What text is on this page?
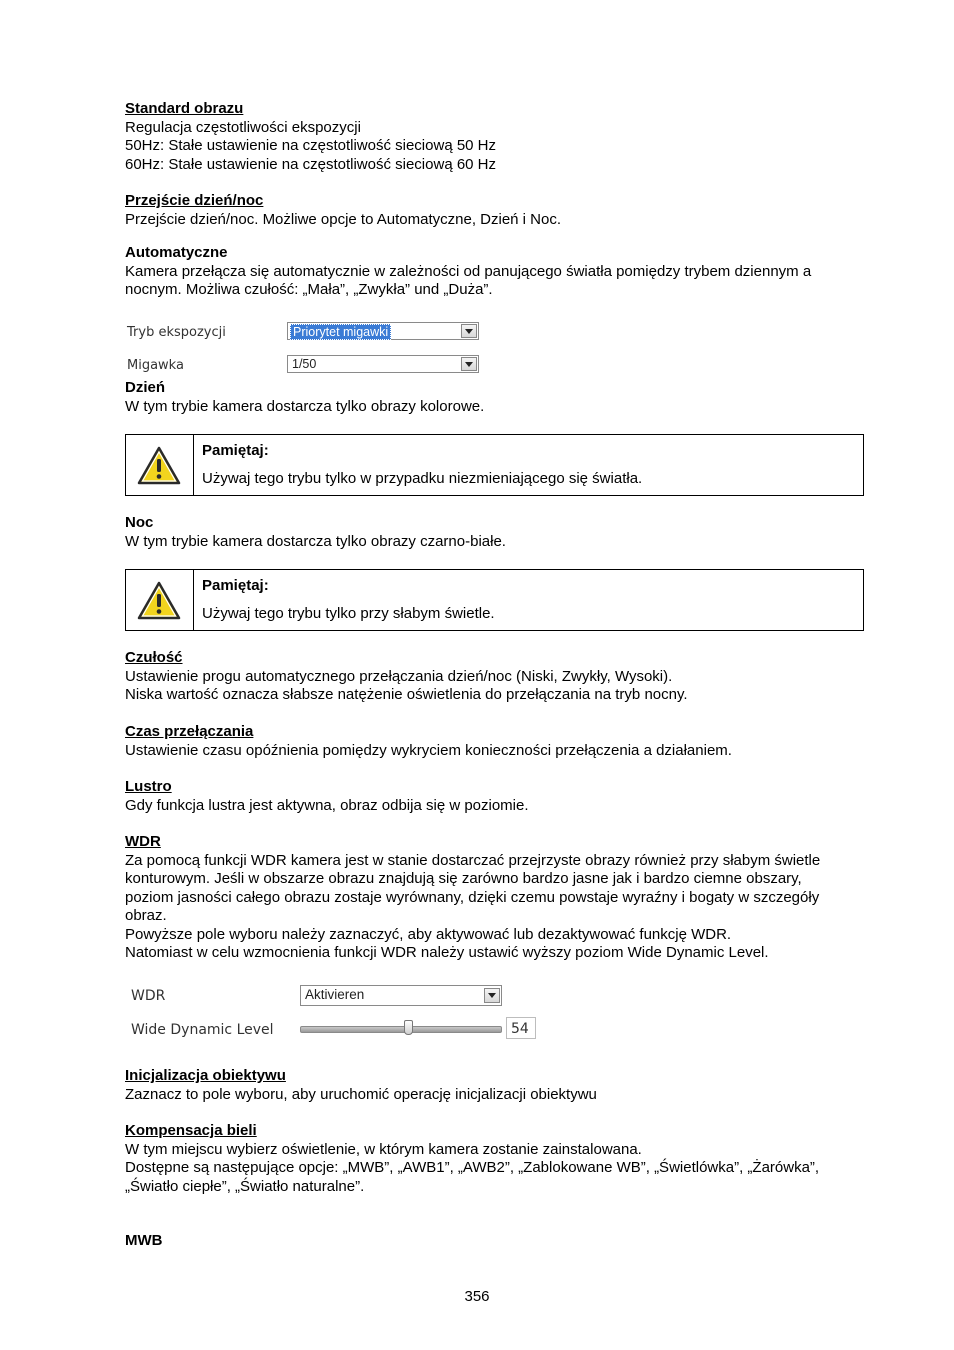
Standard obrazu

Regulacja częstotliwości ekspozycji

50Hz: Stałe ustawienie na częstotliwość sieciową 50 Hz

60Hz: Stałe ustawienie na częstotliwość sieciową 60 Hz

Przejście dzień/noc

Przejście dzień/noc. Możliwe opcje to Automatyczne, Dzień i Noc.

Automatyczne

Kamera przełącza się automatycznie w zależności od panującego światła pomiędzy trybem dziennym a

nocnym. Możliwa czułość: „Mała”, „Zwykła” und „Duża”.

Tryb ekspozycji	Priorytet migawki
Migawka	1/50

Dzień

W tym trybie kamera dostarcza tylko obrazy kolorowe.

Pamiętaj:
Używaj tego trybu tylko w przypadku niezmieniającego się światła.

Noc

W tym trybie kamera dostarcza tylko obrazy czarno-białe.

Pamiętaj:
Używaj tego trybu tylko przy słabym świetle.

Czułość

Ustawienie progu automatycznego przełączania dzień/noc (Niski, Zwykły, Wysoki).

Niska wartość oznacza słabsze natężenie oświetlenia do przełączania na tryb nocny.

Czas przełączania

Ustawienie czasu opóźnienia pomiędzy wykryciem konieczności przełączenia a działaniem.

Lustro

Gdy funkcja lustra jest aktywna, obraz odbija się w poziomie.

WDR

Za pomocą funkcji WDR kamera jest w stanie dostarczać przejrzyste obrazy również przy słabym świetle

konturowym. Jeśli w obszarze obrazu znajdują się zarówno bardzo jasne jak i bardzo ciemne obszary,

poziom jasności całego obrazu zostaje wyrównany, dzięki czemu powstaje wyraźny i bogaty w szczegóły

obraz.

Powyższe pole wyboru należy zaznaczyć, aby aktywować lub dezaktywować funkcję WDR.

Natomiast w celu wzmocnienia funkcji WDR należy ustawić wyższy poziom Wide Dynamic Level.

WDR	Aktivieren
Wide Dynamic Level	54

Inicjalizacja obiektywu

Zaznacz to pole wyboru, aby uruchomić operację inicjalizacji obiektywu

Kompensacja bieli

W tym miejscu wybierz oświetlenie, w którym kamera zostanie zainstalowana.

Dostępne są następujące opcje: „MWB”, „AWB1”, „AWB2”, „Zablokowane WB”, „Świetlówka”, „Żarówka”,

„Światło ciepłe”, „Światło naturalne”.

MWB

356
